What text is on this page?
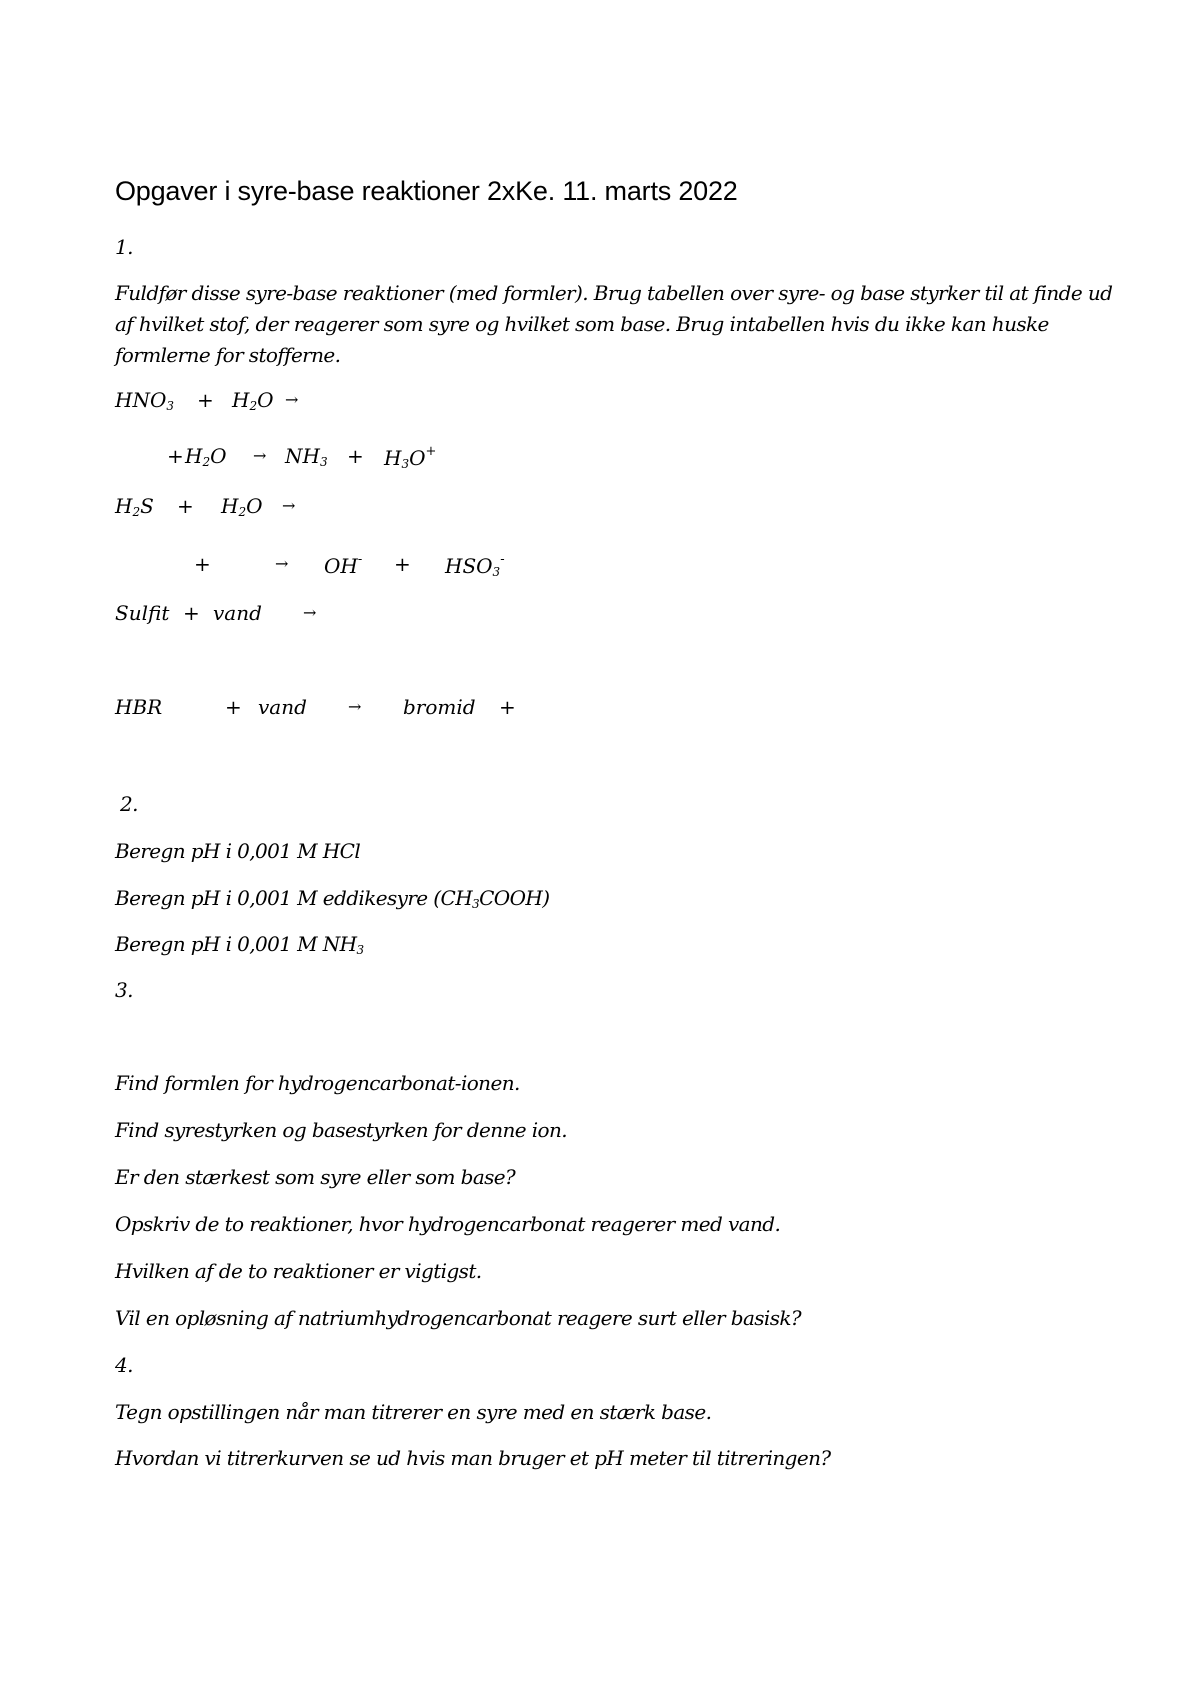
Opgaver i syre-base reaktioner 2xKe. 11. marts 2022
1.
Fuldfør disse syre-base reaktioner (med formler). Brug tabellen over syre- og base styrker til at finde ud af hvilket stof, der reagerer som syre og hvilket som base. Brug intabellen hvis du ikke kan huske formlerne for stofferne.
$HNO_3 + H_2O$ →
+ $H_2O \to NH_3 + H_3O^+$
$H_2S + H_2O$ →
+	→ $OH^- + HSO_3^-$
Sulfit + vand	→
HBR	+ vand	→ bromid +
2.
Beregn pH i 0,001 M HCl
Beregn pH i 0,001 M eddikesyre $(CH_3COOH)$
Beregn pH i 0,001 M $NH_3$
3.
Find formlen for hydrogencarbonat-ionen.
Find syrestyrken og basestyrken for denne ion.
Er den stærkest som syre eller som base?
Opskriv de to reaktioner, hvor hydrogencarbonat reagerer med vand.
Hvilken af de to reaktioner er vigtigst.
Vil en opløsning af natriumhydrogencarbonat reagere surt eller basisk?
4.
Tegn opstillingen når man titrerer en syre med en stærk base.
Hvordan vi titrerkurven se ud hvis man bruger et pH meter til titreringen?
